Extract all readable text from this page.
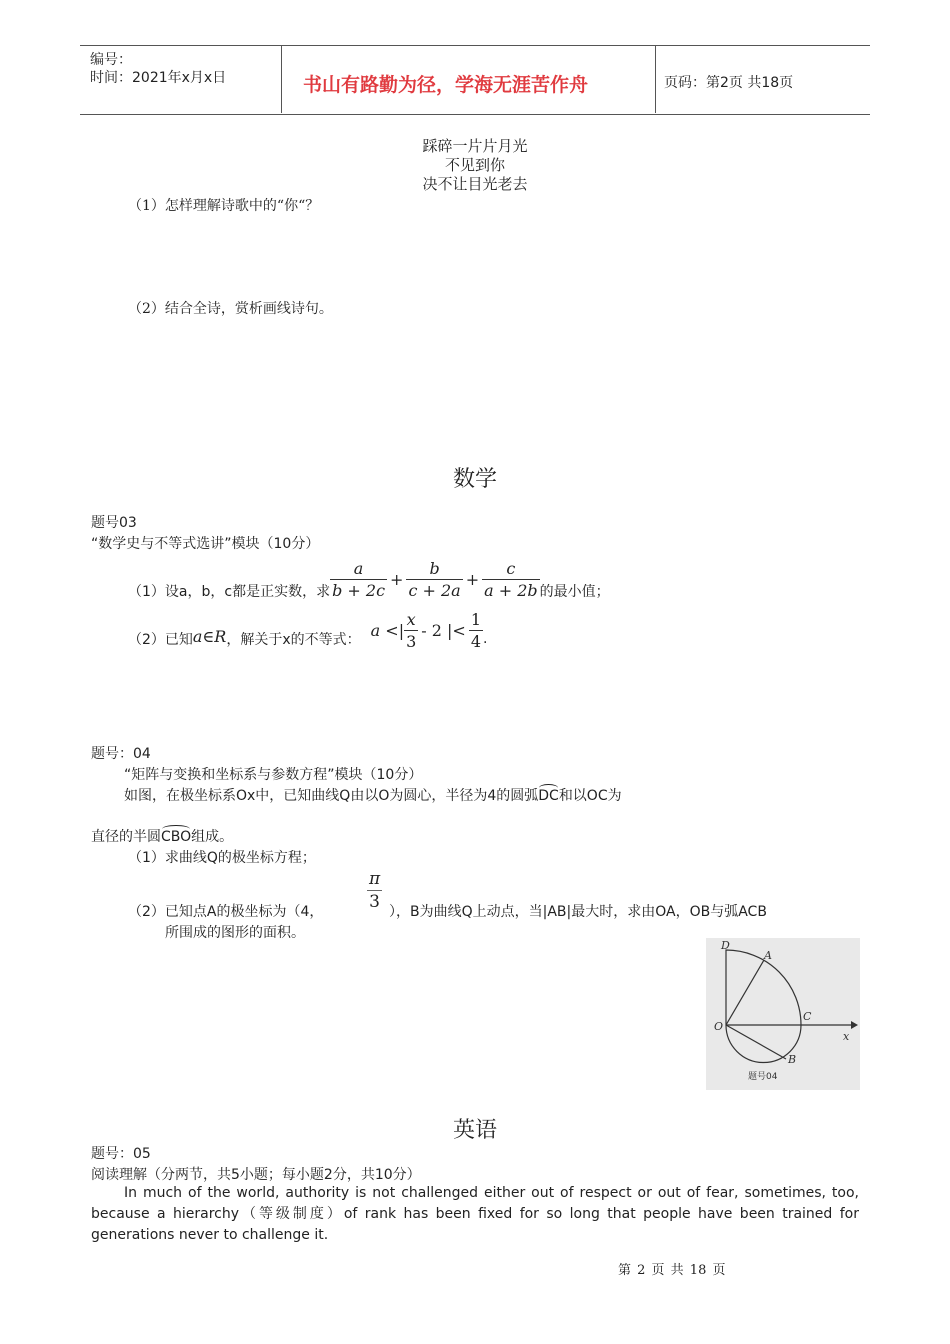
编号：
时间：2021年x月x日	书山有路勤为径，学海无涯苦作舟	页码：第2页 共18页
踩碎一片片月光
不见到你
决不让目光老去
（1）怎样理解诗歌中的“你“？
（2）结合全诗，赏析画线诗句。
数学
题号03
“数学史与不等式选讲”模块（10分）
（1）设a，b，c都是正实数，求 $\frac{a}{b + 2c} + \frac{b}{c + 2a} + \frac{c}{a + 2b}$ 的最小值；
（2）已知 a∈R ，解关于x的不等式：
a < | $\frac{x}{3} - 2$ |< $\frac{1}{4}$ .
题号：04
“矩阵与变换和坐标系与参数方程”模块（10分）
如图，在极坐标系Ox中，已知曲线Q由以O为圆心，半径为4的圆弧DC和以OC为
直径的半圆CBO组成。
（1）求曲线Q的极坐标方程；
（2）已知点A的极坐标为（4，	$\frac{\pi}{3}$ ），B为曲线Q上动点，当|AB|最大时，求由OA，OB与弧ACB
所围成的图形的面积。
D
A
C
O
B
x
题号04
英语
题号：05
阅读理解（分两节，共5小题；每小题2分，共10分）
In much of the world, authority is not challenged either out of respect or out of fear, sometimes, too, because a hierarchy（等级制度）of rank has been fixed for so long that people have been trained for generations never to challenge it.
第 2 页 共 18 页
